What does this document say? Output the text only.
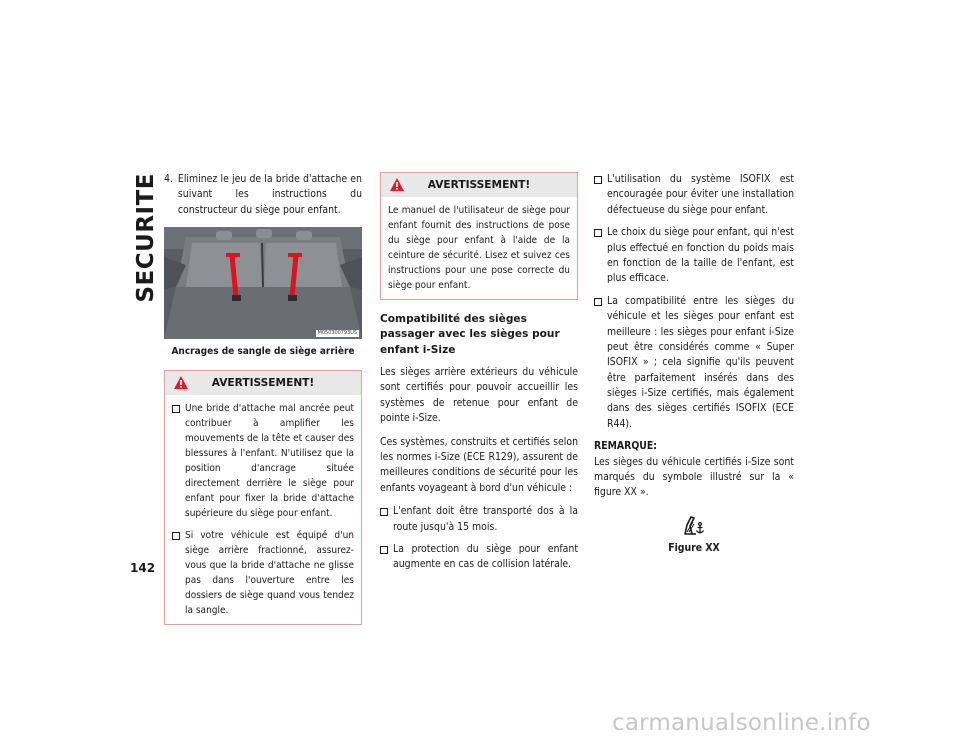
SECURITE
142
4. Eliminez le jeu de la bride d'attache en suivant les instructions du constructeur du siège pour enfant.
M050300793US
Ancrages de sangle de siège arrière
AVERTISSEMENT!
Une bride d'attache mal ancrée peut contribuer à amplifier les mouvements de la tête et causer des blessures à l'enfant. N'utilisez que la position d'ancrage située directement derrière le siège pour enfant pour fixer la bride d'attache supérieure du siège pour enfant.
Si votre véhicule est équipé d'un siège arrière fractionné, assurez-vous que la bride d'attache ne glisse pas dans l'ouverture entre les dossiers de siège quand vous tendez la sangle.
AVERTISSEMENT!

Le manuel de l'utilisateur de siège pour enfant fournit des instructions de pose du siège pour enfant à l'aide de la ceinture de sécurité. Lisez et suivez ces instructions pour une pose correcte du siège pour enfant.

Compatibilité des sièges passager avec les sièges pour enfant i-Size

Les sièges arrière extérieurs du véhicule sont certifiés pour pouvoir accueillir les systèmes de retenue pour enfant de pointe i-Size.

Ces systèmes, construits et certifiés selon les normes i-Size (ECE R129), assurent de meilleures conditions de sécurité pour les enfants voyageant à bord d'un véhicule :

L'enfant doit être transporté dos à la route jusqu'à 15 mois.
La protection du siège pour enfant augmente en cas de collision latérale.
L'utilisation du système ISOFIX est encouragée pour éviter une installation défectueuse du siège pour enfant.
Le choix du siège pour enfant, qui n'est plus effectué en fonction du poids mais en fonction de la taille de l'enfant, est plus efficace.
La compatibilité entre les sièges du véhicule et les sièges pour enfant est meilleure : les sièges pour enfant i-Size peut être considérés comme « Super ISOFIX » ; cela signifie qu'ils peuvent être parfaitement insérés dans des sièges i-Size certifiés, mais également dans des sièges certifiés ISOFIX (ECE R44).
REMARQUE:

Les sièges du véhicule certifiés i-Size sont marqués du symbole illustré sur la « figure XX ».

Figure XX
carmanualsonline.info
